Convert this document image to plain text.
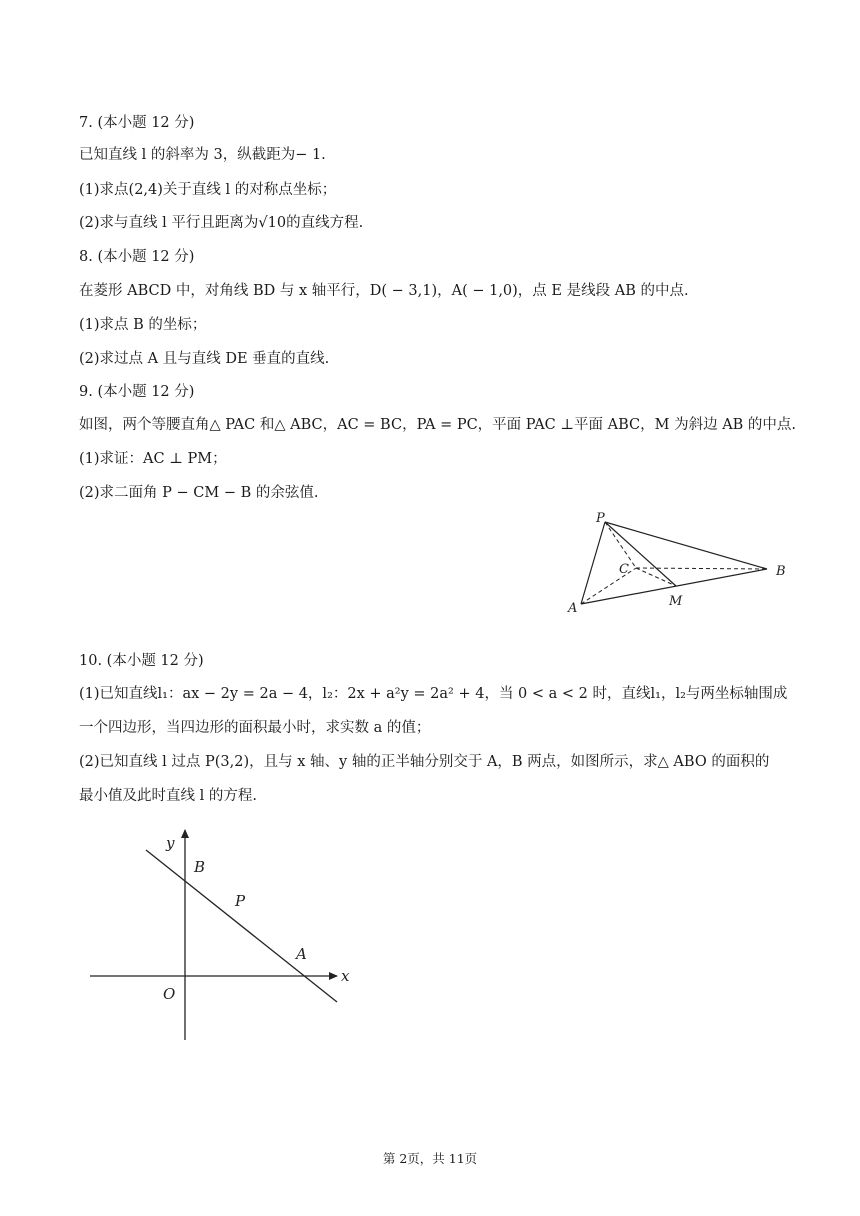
7. (本小题 12 分)
已知直线 l 的斜率为 3，纵截距为− 1.
(1)求点(2,4)关于直线 l 的对称点坐标；
(2)求与直线 l 平行且距离为√10的直线方程.
8. (本小题 12 分)
在菱形 ABCD 中，对角线 BD 与 x 轴平行，D( − 3,1)，A( − 1,0)，点 E 是线段 AB 的中点.
(1)求点 B 的坐标；
(2)求过点 A 且与直线 DE 垂直的直线.
9. (本小题 12 分)
如图，两个等腰直角△ PAC 和△ ABC，AC = BC，PA = PC，平面 PAC ⊥平面 ABC，M 为斜边 AB 的中点.
(1)求证：AC ⊥ PM；
(2)求二面角 P − CM − B 的余弦值.
P
C
A	M
B
10. (本小题 12 分)
(1)已知直线l₁：ax − 2y = 2a − 4，l₂：2x + a²y = 2a² + 4，当 0 < a < 2 时，直线l₁，l₂与两坐标轴围成
一个四边形，当四边形的面积最小时，求实数 a 的值；
(2)已知直线 l 过点 P(3,2)，且与 x 轴、y 轴的正半轴分别交于 A，B 两点，如图所示，求△ ABO 的面积的
最小值及此时直线 l 的方程.
y
x
O
B
P
A
第 2页，共 11页
